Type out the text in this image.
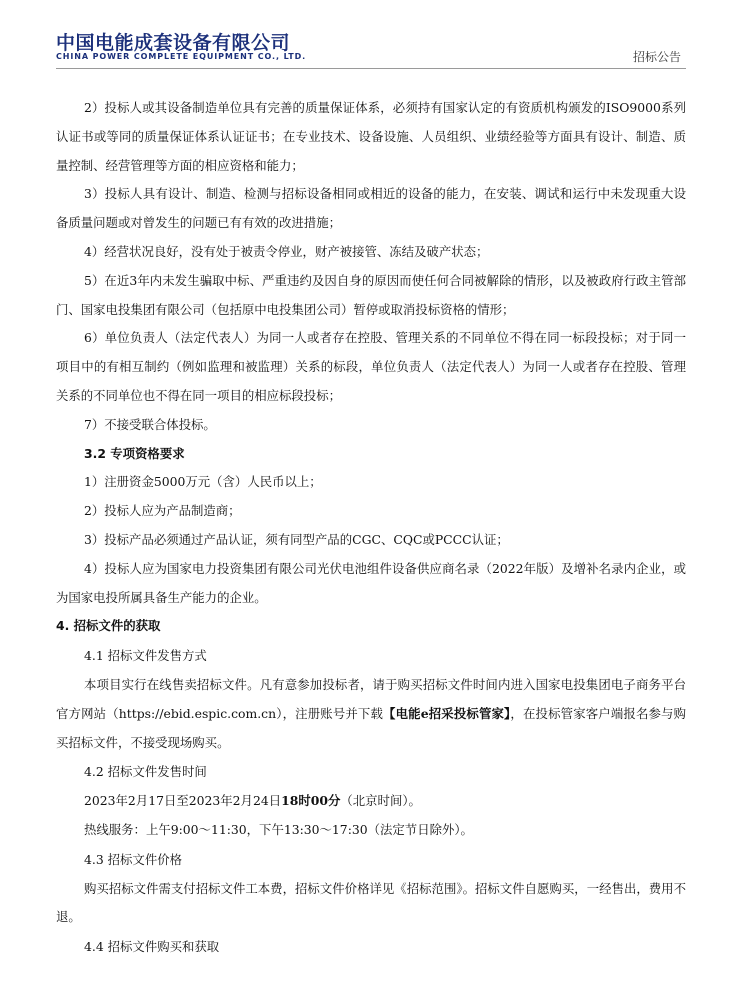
中国电能成套设备有限公司
CHINA POWER COMPLETE EQUIPMENT CO., LTD.	招标公告

2）投标人或其设备制造单位具有完善的质量保证体系，必须持有国家认定的有资质机构颁发的ISO9000系列认证书或等同的质量保证体系认证证书；在专业技术、设备设施、人员组织、业绩经验等方面具有设计、制造、质量控制、经营管理等方面的相应资格和能力；

3）投标人具有设计、制造、检测与招标设备相同或相近的设备的能力，在安装、调试和运行中未发现重大设备质量问题或对曾发生的问题已有有效的改进措施；

4）经营状况良好，没有处于被责令停业，财产被接管、冻结及破产状态；

5）在近3年内未发生骗取中标、严重违约及因自身的原因而使任何合同被解除的情形，以及被政府行政主管部门、国家电投集团有限公司（包括原中电投集团公司）暂停或取消投标资格的情形；

6）单位负责人（法定代表人）为同一人或者存在控股、管理关系的不同单位不得在同一标段投标；对于同一项目中的有相互制约（例如监理和被监理）关系的标段，单位负责人（法定代表人）为同一人或者存在控股、管理关系的不同单位也不得在同一项目的相应标段投标；

7）不接受联合体投标。

3.2 专项资格要求

1）注册资金5000万元（含）人民币以上；

2）投标人应为产品制造商；

3）投标产品必须通过产品认证，须有同型产品的CGC、CQC或PCCC认证；

4）投标人应为国家电力投资集团有限公司光伏电池组件设备供应商名录（2022年版）及增补名录内企业，或为国家电投所属具备生产能力的企业。

4. 招标文件的获取

4.1 招标文件发售方式

本项目实行在线售卖招标文件。凡有意参加投标者，请于购买招标文件时间内进入国家电投集团电子商务平台官方网站（https://ebid.espic.com.cn），注册账号并下载【电能e招采投标管家】，在投标管家客户端报名参与购买招标文件，不接受现场购买。

4.2 招标文件发售时间

2023年2月17日至2023年2月24日18时00分（北京时间）。

热线服务：上午9:00～11:30，下午13:30～17:30（法定节日除外）。

4.3 招标文件价格

购买招标文件需支付招标文件工本费，招标文件价格详见《招标范围》。招标文件自愿购买，一经售出，费用不退。

4.4 招标文件购买和获取
